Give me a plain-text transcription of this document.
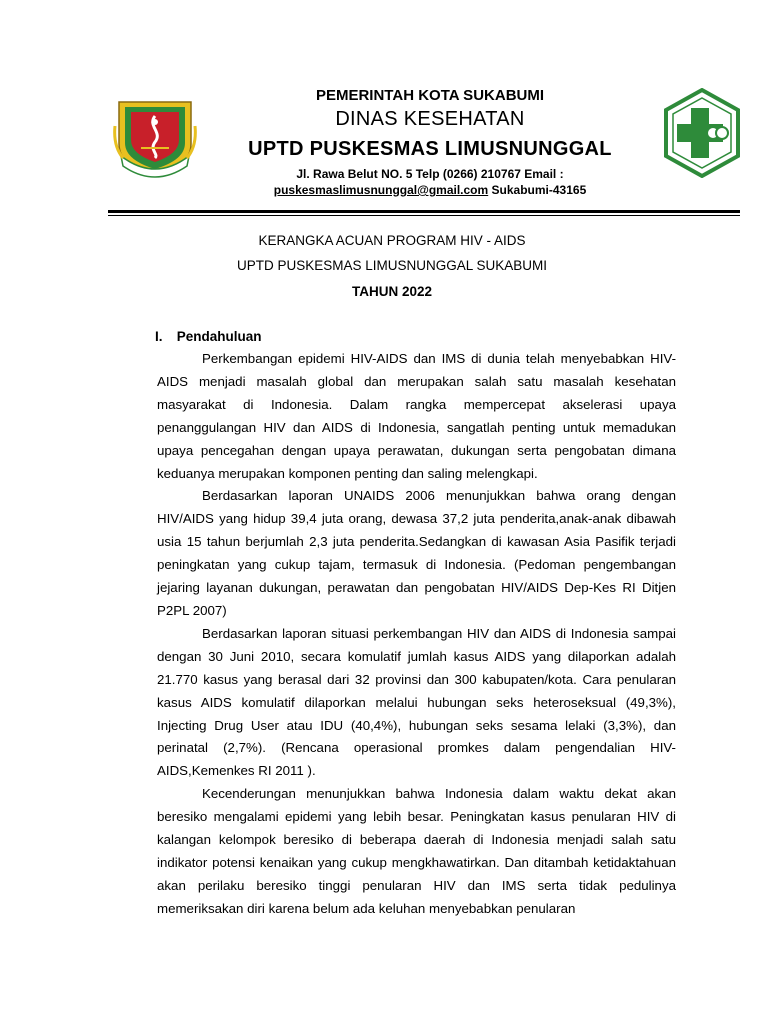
PEMERINTAH KOTA SUKABUMI

DINAS KESEHATAN

UPTD PUSKESMAS LIMUSNUNGGAL

Jl. Rawa Belut NO. 5 Telp (0266) 210767 Email :
puskesmaslimusnunggal@gmail.com Sukabumi-43165

KERANGKA ACUAN PROGRAM HIV - AIDS

UPTD PUSKESMAS LIMUSNUNGGAL SUKABUMI

TAHUN 2022

I. Pendahuluan

Perkembangan epidemi HIV-AIDS dan IMS di dunia telah menyebabkan HIV-AIDS menjadi masalah global dan merupakan salah satu masalah kesehatan masyarakat di Indonesia. Dalam rangka mempercepat akselerasi upaya penanggulangan HIV dan AIDS di Indonesia, sangatlah penting untuk memadukan upaya pencegahan dengan upaya perawatan, dukungan serta pengobatan dimana keduanya merupakan komponen penting dan saling melengkapi.

Berdasarkan laporan UNAIDS 2006 menunjukkan bahwa orang dengan HIV/AIDS yang hidup 39,4 juta orang, dewasa 37,2 juta penderita,anak-anak dibawah usia 15 tahun berjumlah 2,3 juta penderita.Sedangkan di kawasan Asia Pasifik terjadi peningkatan yang cukup tajam, termasuk di Indonesia. (Pedoman pengembangan jejaring layanan dukungan, perawatan dan pengobatan HIV/AIDS Dep-Kes RI Ditjen P2PL 2007)

Berdasarkan laporan situasi perkembangan HIV dan AIDS di Indonesia sampai dengan 30 Juni 2010, secara komulatif jumlah kasus AIDS yang dilaporkan adalah 21.770 kasus yang berasal dari 32 provinsi dan 300 kabupaten/kota. Cara penularan kasus AIDS komulatif dilaporkan melalui hubungan seks heteroseksual (49,3%), Injecting Drug User atau IDU (40,4%), hubungan seks sesama lelaki (3,3%), dan perinatal (2,7%). (Rencana operasional promkes dalam pengendalian HIV-AIDS,Kemenkes RI 2011 ).

Kecenderungan menunjukkan bahwa Indonesia dalam waktu dekat akan beresiko mengalami epidemi yang lebih besar. Peningkatan kasus penularan HIV di kalangan kelompok beresiko di beberapa daerah di Indonesia menjadi salah satu indikator potensi kenaikan yang cukup mengkhawatirkan. Dan ditambah ketidaktahuan akan perilaku beresiko tinggi penularan HIV dan IMS serta tidak pedulinya memeriksakan diri karena belum ada keluhan menyebabkan penularan
